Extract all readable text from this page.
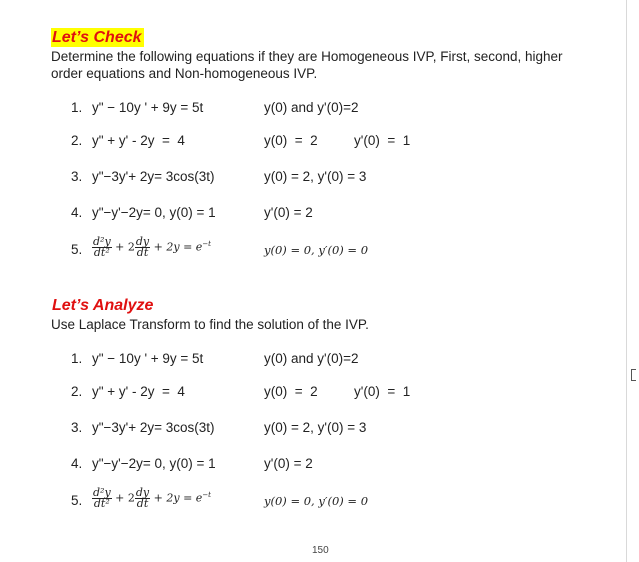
Let’s Check
Determine the following equations if they are Homogeneous IVP, First, second, higher
order equations and Non-homogeneous IVP.
1. y" − 10y ' + 9y = 5t	y(0) and y'(0)=2
2. y" + y' - 2y  =  4	y(0)  =  2	y'(0)  =  1
3. y"−3y'+ 2y= 3cos(3t)	y(0) = 2, y'(0) = 3
4. y"−y'−2y= 0, y(0) = 1	y'(0) = 2
5. $\frac{\text{d²y}}{\text{dt²}} + 2 \frac{dy}{dt} + 2y = e^{-t}$	y(0) = 0, y′(0) = 0
Let’s Analyze
Use Laplace Transform to find the solution of the IVP.
1. y" − 10y ' + 9y = 5t	y(0) and y'(0)=2
2. y" + y' - 2y  =  4	y(0)  =  2	y'(0)  =  1
3. y"−3y'+ 2y= 3cos(3t)	y(0) = 2, y'(0) = 3
4. y"−y'−2y= 0, y(0) = 1	y'(0) = 2
5. $\frac{\text{d²y}}{\text{dt²}} + 2 \frac{dy}{dt} + 2y = e^{-t}$	y(0) = 0, y′(0) = 0
150
